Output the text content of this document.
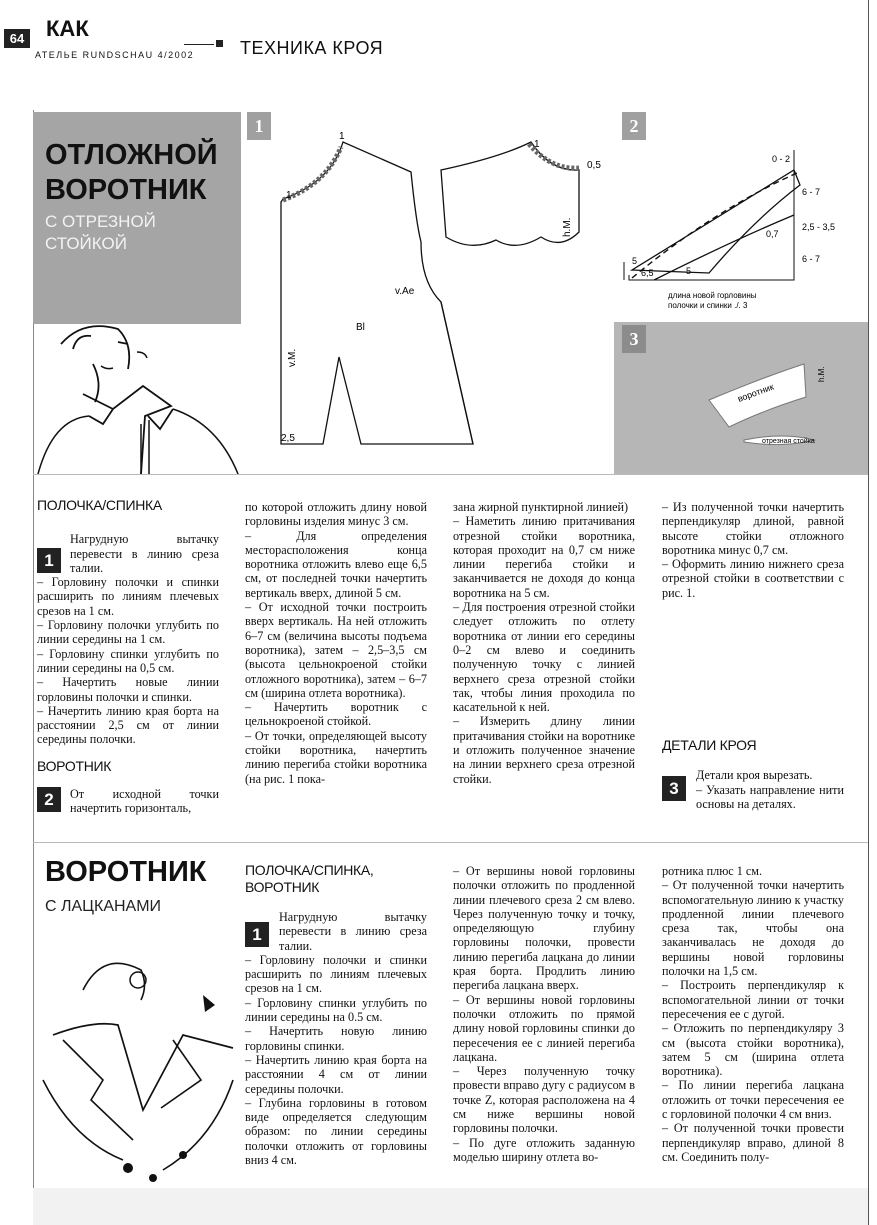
64 КАК
АТЕЛЬЕ RUNDSCHAU 4/2002	ТЕХНИКА КРОЯ
ОТЛОЖНОЙ
ВОРОТНИК
С ОТРЕЗНОЙ
СТОЙКОЙ
1
1
1
1
0,5
h.M.
v.Ae
v.M.
Bl
2,5
2
0 - 2
6 - 7
2,5 - 3,5
6 - 7
0,7
5
6,5	5
длина новой горловины
полочки и спинки ./. 3
3
воротник
отрезная стойка
h.M.
ПОЛОЧКА/СПИНКА
1

Нагрудную вытачку перевести в линию среза талии.

– Горловину полочки и спинки расширить по линиям плечевых срезов на 1 см.

– Горловину полочки углубить по линии середины на 1 см.

– Горловину спинки углубить по линии середины на 0,5 см.

– Начертить новые линии горловины полочки и спинки.

– Начертить линию края борта на расстоянии 2,5 см от линии середины полочки.

ВОРОТНИК
2	От исходной точки начертить горизонталь,

по которой отложить длину новой горловины изделия минус 3 см.

– Для определения месторасположения конца воротника отложить влево еще 6,5 см, от последней точки начертить вертикаль вверх, длиной 5 см.

– От исходной точки построить вверх вертикаль. На ней отложить 6–7 см (величина высоты подъема воротника), затем – 2,5–3,5 см (высота цельнокроеной стойки отложного воротника), затем – 6–7 см (ширина отлета воротника).

– Начертить воротник с цельнокроеной стойкой.

– От точки, определяющей высоту стойки воротника, начертить линию перегиба стойки воротника (на рис. 1 пока-

зана жирной пунктирной линией)

– Наметить линию притачивания отрезной стойки воротника, которая проходит на 0,7 см ниже линии перегиба стойки и заканчивается не доходя до конца воротника на 5 см.

– Для построения отрезной стойки следует отложить по отлету воротника от линии его середины 0–2 см влево и соединить полученную точку с линией верхнего среза отрезной стойки так, чтобы линия проходила по касательной к ней.

– Измерить длину линии притачивания стойки на воротнике и отложить полученное значение на линии верхнего среза отрезной стойки.

– Из полученной точки начертить перпендикуляр длиной, равной высоте стойки отложного воротника минус 0,7 см.

– Оформить линию нижнего среза отрезной стойки в соответствии с рис. 1.

ДЕТАЛИ КРОЯ
3

Детали кроя вырезать.

– Указать направление нити основы на деталях.

ВОРОТНИК
С ЛАЦКАНАМИ
ПОЛОЧКА/СПИНКА, ВОРОТНИК
1

Нагрудную вытачку перевести в линию среза талии.

– Горловину полочки и спинки расширить по линиям плечевых срезов на 1 см.

– Горловину спинки углубить по линии середины на 0.5 см.

– Начертить новую линию горловины спинки.

– Начертить линию края борта на расстоянии 4 см от линии середины полочки.

– Глубина горловины в готовом виде определяется следующим образом: по линии середины полочки отложить от горловины вниз 4 см.

– От вершины новой горловины полочки отложить по продленной линии плечевого среза 2 см влево. Через полученную точку и точку, определяющую глубину горловины полочки, провести линию перегиба лацкана до линии края борта. Продлить линию перегиба лацкана вверх.

– От вершины новой горловины полочки отложить по прямой длину новой горловины спинки до пересечения ее с линией перегиба лацкана.

– Через полученную точку провести вправо дугу с радиусом в точке Z, которая расположена на 4 см ниже вершины новой горловины полочки.

– По дуге отложить заданную моделью ширину отлета во-

ротника плюс 1 см.

– От полученной точки начертить вспомогательную линию к участку продленной линии плечевого среза так, чтобы она заканчивалась не доходя до вершины новой горловины полочки на 1,5 см.

– Построить перпендикуляр к вспомогательной линии от точки пересечения ее с дугой.

– Отложить по перпендикуляру 3 см (высота стойки воротника), затем 5 см (ширина отлета воротника).

– По линии перегиба лацкана отложить от точки пересечения ее с горловиной полочки 4 см вниз.

– От полученной точки провести перпендикуляр вправо, длиной 8 см. Соединить полу-
